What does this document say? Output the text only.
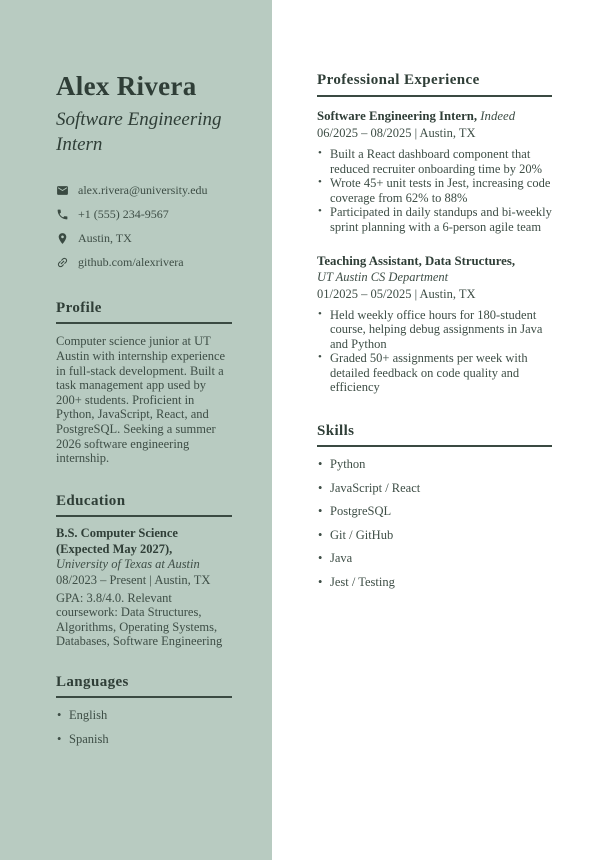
Alex Rivera
Software Engineering Intern
alex.rivera@university.edu
+1 (555) 234-9567
Austin, TX
github.com/alexrivera
Profile

Computer science junior at UT Austin with internship experience in full-stack development. Built a task management app used by 200+ students. Proficient in Python, JavaScript, React, and PostgreSQL. Seeking a summer 2026 software engineering internship.

Education
B.S. Computer Science (Expected May 2027),
University of Texas at Austin
08/2023 – Present | Austin, TX
GPA: 3.8/4.0. Relevant coursework: Data Structures, Algorithms, Operating Systems, Databases, Software Engineering
Languages
• English
• Spanish
Professional Experience
Software Engineering Intern, Indeed
06/2025 – 08/2025 | Austin, TX
• Built a React dashboard component that reduced recruiter onboarding time by 20%
• Wrote 45+ unit tests in Jest, increasing code coverage from 62% to 88%
• Participated in daily standups and bi-weekly sprint planning with a 6-person agile team
Teaching Assistant, Data Structures,
UT Austin CS Department
01/2025 – 05/2025 | Austin, TX
• Held weekly office hours for 180-student course, helping debug assignments in Java and Python
• Graded 50+ assignments per week with detailed feedback on code quality and efficiency
Skills
• Python
• JavaScript / React
• PostgreSQL
• Git / GitHub
• Java
• Jest / Testing
